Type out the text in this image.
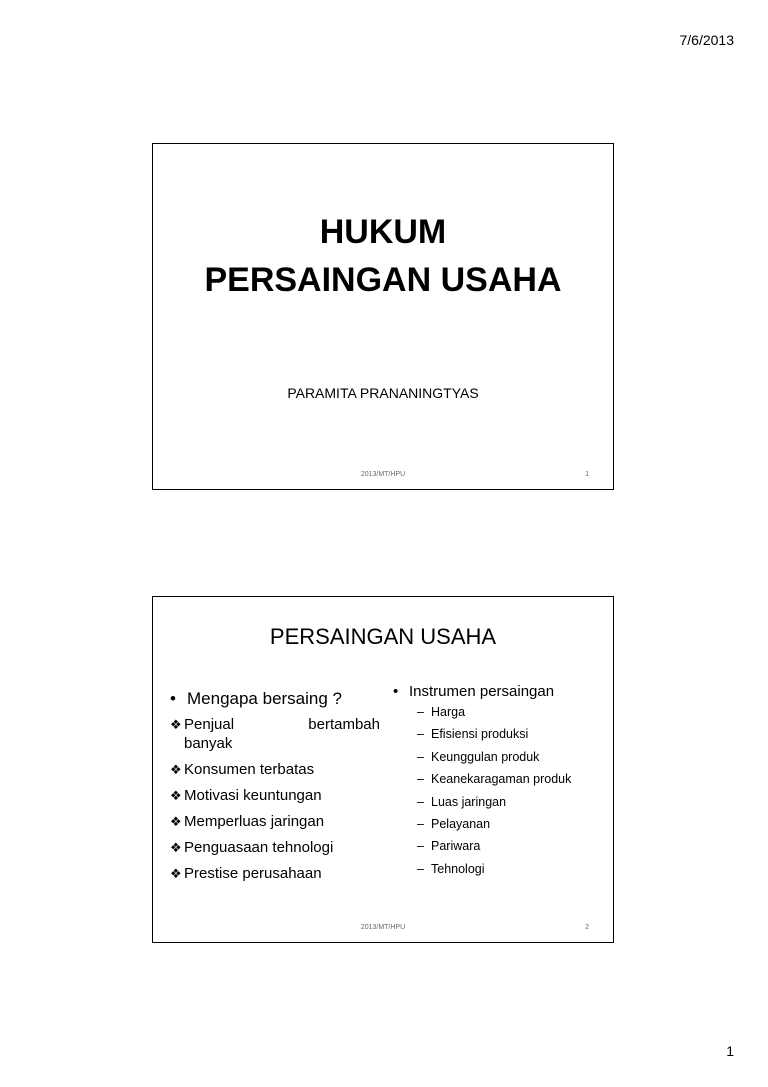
7/6/2013
HUKUM
PERSAINGAN USAHA
PARAMITA PRANANINGTYAS
2013/MT/HPU	1
PERSAINGAN USAHA
• Mengapa bersaing ?
❖ Penjual	bertambah
banyak
❖ Konsumen terbatas
❖ Motivasi keuntungan
❖ Memperluas jaringan
❖ Penguasaan tehnologi
❖ Prestise perusahaan
• Instrumen persaingan
– Harga
– Efisiensi produksi
– Keunggulan produk
– Keanekaragaman produk
– Luas jaringan
– Pelayanan
– Pariwara
– Tehnologi
2013/MT/HPU	2
1
